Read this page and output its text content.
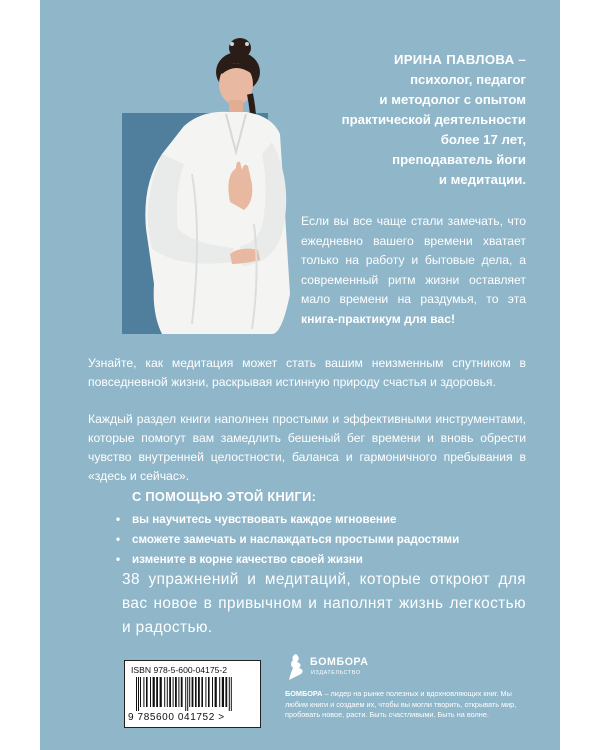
ИРИНА ПАВЛОВА –
психолог, педагог
и методолог с опытом
практической деятельности
более 17 лет,
преподаватель йоги
и медитации.
Если вы все чаще стали замечать, что ежедневно вашего времени хватает только на работу и бытовые дела, а современный ритм жизни оставляет мало времени на раздумья, то эта книга-практикум для вас!
Узнайте, как медитация может стать вашим неизменным спутником в повседневной жизни, раскрывая истинную природу счастья и здоровья.
Каждый раздел книги наполнен простыми и эффективными инструментами, которые помогут вам замедлить бешеный бег времени и вновь обрести чувство внутренней целостности, баланса и гармоничного пребывания в «здесь и сейчас».
С ПОМОЩЬЮ ЭТОЙ КНИГИ:
• вы научитесь чувствовать каждое мгновение
• сможете замечать и наслаждаться простыми радостями
• измените в корне качество своей жизни
38 упражнений и медитаций, которые откроют для вас новое в привычном и наполнят жизнь легкостью и радостью.
ISBN 978-5-600-04175-2
9 785600 041752 >
БОМБОРА
ИЗДАТЕЛЬСТВО
БОМБОРА – лидер на рынке полезных и вдохновляющих книг. Мы любим книги и создаем их, чтобы вы могли творить, открывать мир, пробовать новое, расти. Быть счастливыми. Быть на волне.
